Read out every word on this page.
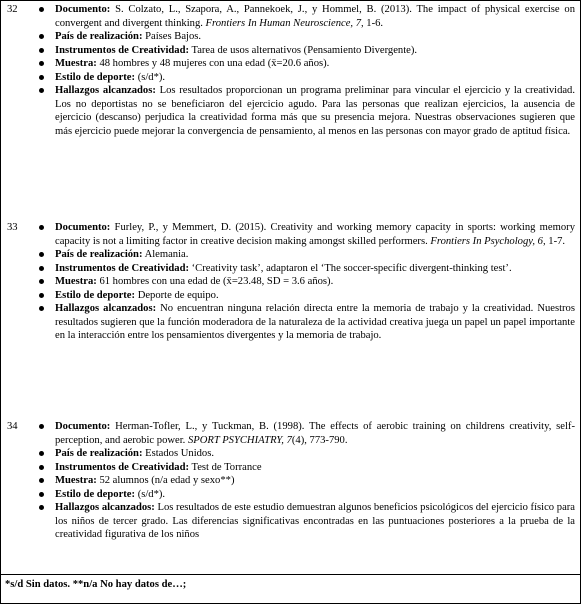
32	Documento: S. Colzato, L., Szapora, A., Pannekoek, J., y Hommel, B. (2013). The impact of physical exercise on convergent and divergent thinking. Frontiers In Human Neuroscience, 7, 1-6.
País de realización: Países Bajos.
Instrumentos de Creatividad: Tarea de usos alternativos (Pensamiento Divergente).
Muestra: 48 hombres y 48 mujeres con una edad (x̄=20.6 años).
Estilo de deporte: (s/d*).
Hallazgos alcanzados: Los resultados proporcionan un programa preliminar para vincular el ejercicio y la creatividad. Los no deportistas no se beneficiaron del ejercicio agudo. Para las personas que realizan ejercicios, la ausencia de ejercicio (descanso) perjudica la creatividad forma más que su presencia mejora. Nuestras observaciones sugieren que más ejercicio puede mejorar la convergencia de pensamiento, al menos en las personas con mayor grado de aptitud física.
33	Documento: Furley, P., y Memmert, D. (2015). Creativity and working memory capacity in sports: working memory capacity is not a limiting factor in creative decision making amongst skilled performers. Frontiers In Psychology, 6, 1-7.
País de realización: Alemania.
Instrumentos de Creatividad: ‘Creativity task’, adaptaron el ‘The soccer-specific divergent-thinking test’.
Muestra: 61 hombres con una edad de (x̄=23.48, SD = 3.6 años).
Estilo de deporte: Deporte de equipo.
Hallazgos alcanzados: No encuentran ninguna relación directa entre la memoria de trabajo y la creatividad. Nuestros resultados sugieren que la función moderadora de la naturaleza de la actividad creativa juega un papel un papel importante en la interacción entre los pensamientos divergentes y la memoria de trabajo.
34	Documento: Herman-Tofler, L., y Tuckman, B. (1998). The effects of aerobic training on childrens creativity, self-perception, and aerobic power. SPORT PSYCHIATRY, 7(4), 773-790.
País de realización: Estados Unidos.
Instrumentos de Creatividad: Test de Torrance
Muestra: 52 alumnos (n/a edad y sexo**)
Estilo de deporte: (s/d*).
Hallazgos alcanzados: Los resultados de este estudio demuestran algunos beneficios psicológicos del ejercicio físico para los niños de tercer grado. Las diferencias significativas encontradas en las puntuaciones posteriores a la prueba de la creatividad figurativa de los niños
*s/d Sin datos. **n/a No hay datos de…;
